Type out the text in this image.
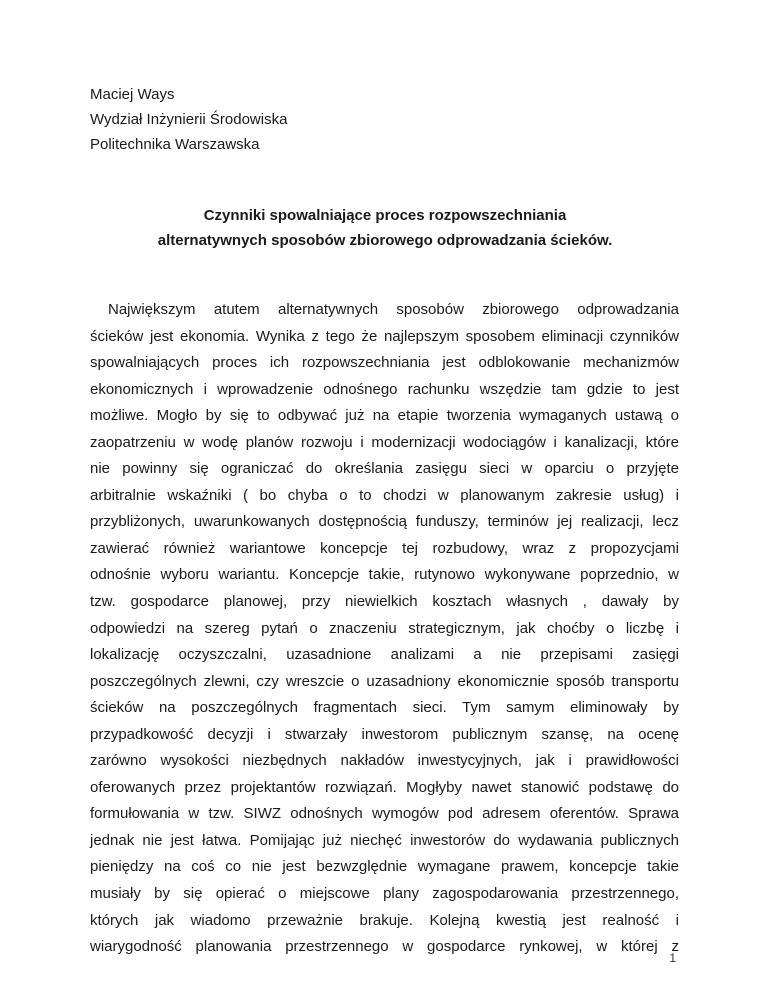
Maciej Ways
Wydział Inżynierii Środowiska
Politechnika Warszawska
Czynniki spowalniające proces rozpowszechniania
alternatywnych sposobów zbiorowego odprowadzania ścieków.
Największym atutem alternatywnych sposobów zbiorowego odprowadzania
ścieków jest ekonomia. Wynika z tego że najlepszym sposobem eliminacji czynników
spowalniających proces ich rozpowszechniania jest odblokowanie mechanizmów
ekonomicznych i wprowadzenie odnośnego rachunku wszędzie tam gdzie to jest
możliwe. Mogło by się to odbywać już na etapie tworzenia wymaganych ustawą o
zaopatrzeniu w wodę planów rozwoju i modernizacji wodociągów i kanalizacji, które
nie powinny się ograniczać do określania zasięgu sieci w oparciu o przyjęte
arbitralnie wskaźniki ( bo chyba o to chodzi w planowanym zakresie usług) i
przybliżonych, uwarunkowanych dostępnością funduszy, terminów jej realizacji, lecz
zawierać również wariantowe koncepcje tej rozbudowy, wraz z propozycjami
odnośnie wyboru wariantu. Koncepcje takie, rutynowo wykonywane poprzednio, w
tzw. gospodarce planowej, przy niewielkich kosztach własnych , dawały by
odpowiedzi na szereg pytań o znaczeniu strategicznym, jak choćby o liczbę i
lokalizację oczyszczalni, uzasadnione analizami a nie przepisami zasięgi
poszczególnych zlewni, czy wreszcie o uzasadniony ekonomicznie sposób transportu
ścieków na poszczególnych fragmentach sieci. Tym samym eliminowały by
przypadkowość decyzji i stwarzały inwestorom publicznym szansę, na ocenę
zarówno wysokości niezbędnych nakładów inwestycyjnych, jak i prawidłowości
oferowanych przez projektantów rozwiązań. Mogłyby nawet stanowić podstawę do
formułowania w tzw. SIWZ odnośnych wymogów pod adresem oferentów. Sprawa
jednak nie jest łatwa. Pomijając już niechęć inwestorów do wydawania publicznych
pieniędzy na coś co nie jest bezwzględnie wymagane prawem, koncepcje takie
musiały by się opierać o miejscowe plany zagospodarowania przestrzennego,
których jak wiadomo przeważnie brakuje. Kolejną kwestią jest realność i
wiarygodność planowania przestrzennego w gospodarce rynkowej, w której z
1
